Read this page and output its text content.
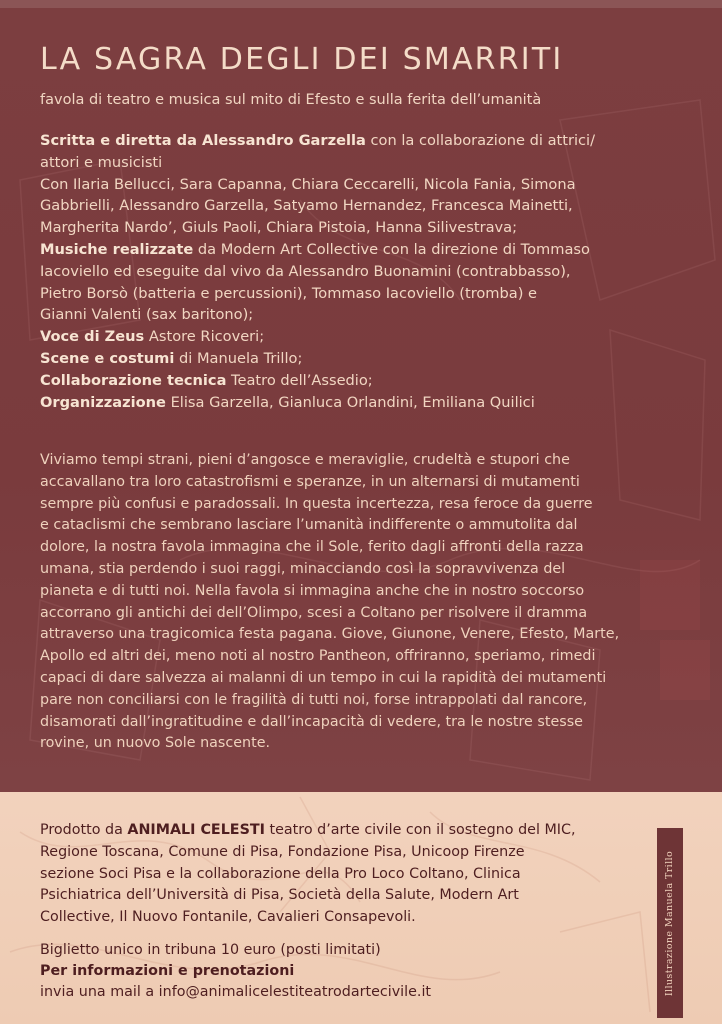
LA SAGRA DEGLI DEI SMARRITI
favola di teatro e musica sul mito di Efesto e sulla ferita dell’umanità
Scritta e diretta da Alessandro Garzella con la collaborazione di attrici/
attori e musicisti
Con Ilaria Bellucci, Sara Capanna, Chiara Ceccarelli, Nicola Fania, Simona
Gabbrielli, Alessandro Garzella, Satyamo Hernandez, Francesca Mainetti,
Margherita Nardo’, Giuls Paoli, Chiara Pistoia, Hanna Silivestrava;
Musiche realizzate da Modern Art Collective con la direzione di Tommaso
Iacoviello ed eseguite dal vivo da Alessandro Buonamini (contrabbasso),
Pietro Borsò (batteria e percussioni), Tommaso Iacoviello (tromba) e
Gianni Valenti (sax baritono);
Voce di Zeus Astore Ricoveri;
Scene e costumi di Manuela Trillo;
Collaborazione tecnica Teatro dell’Assedio;
Organizzazione Elisa Garzella, Gianluca Orlandini, Emiliana Quilici
Viviamo tempi strani, pieni d’angosce e meraviglie, crudeltà e stupori che
accavallano tra loro catastrofismi e speranze, in un alternarsi di mutamenti
sempre più confusi e paradossali. In questa incertezza, resa feroce da guerre
e cataclismi che sembrano lasciare l’umanità indifferente o ammutolita dal
dolore, la nostra favola immagina che il Sole, ferito dagli affronti della razza
umana, stia perdendo i suoi raggi, minacciando così la sopravvivenza del
pianeta e di tutti noi. Nella favola si immagina anche che in nostro soccorso
accorrano gli antichi dei dell’Olimpo, scesi a Coltano per risolvere il dramma
attraverso una tragicomica festa pagana. Giove, Giunone, Venere, Efesto, Marte,
Apollo ed altri dei, meno noti al nostro Pantheon, offriranno, speriamo, rimedi
capaci di dare salvezza ai malanni di un tempo in cui la rapidità dei mutamenti
pare non conciliarsi con le fragilità di tutti noi, forse intrappolati dal rancore,
disamorati dall’ingratitudine e dall’incapacità di vedere, tra le nostre stesse
rovine, un nuovo Sole nascente.
Prodotto da ANIMALI CELESTI teatro d’arte civile con il sostegno del MIC,
Regione Toscana, Comune di Pisa, Fondazione Pisa, Unicoop Firenze
sezione Soci Pisa e la collaborazione della Pro Loco Coltano, Clinica
Psichiatrica dell’Università di Pisa, Società della Salute, Modern Art
Collective, Il Nuovo Fontanile, Cavalieri Consapevoli.
Biglietto unico in tribuna 10 euro (posti limitati)
Per informazioni e prenotazioni
invia una mail a info@animalicelestiteatrodartecivile.it	Illustrazione Manuela Trillo
